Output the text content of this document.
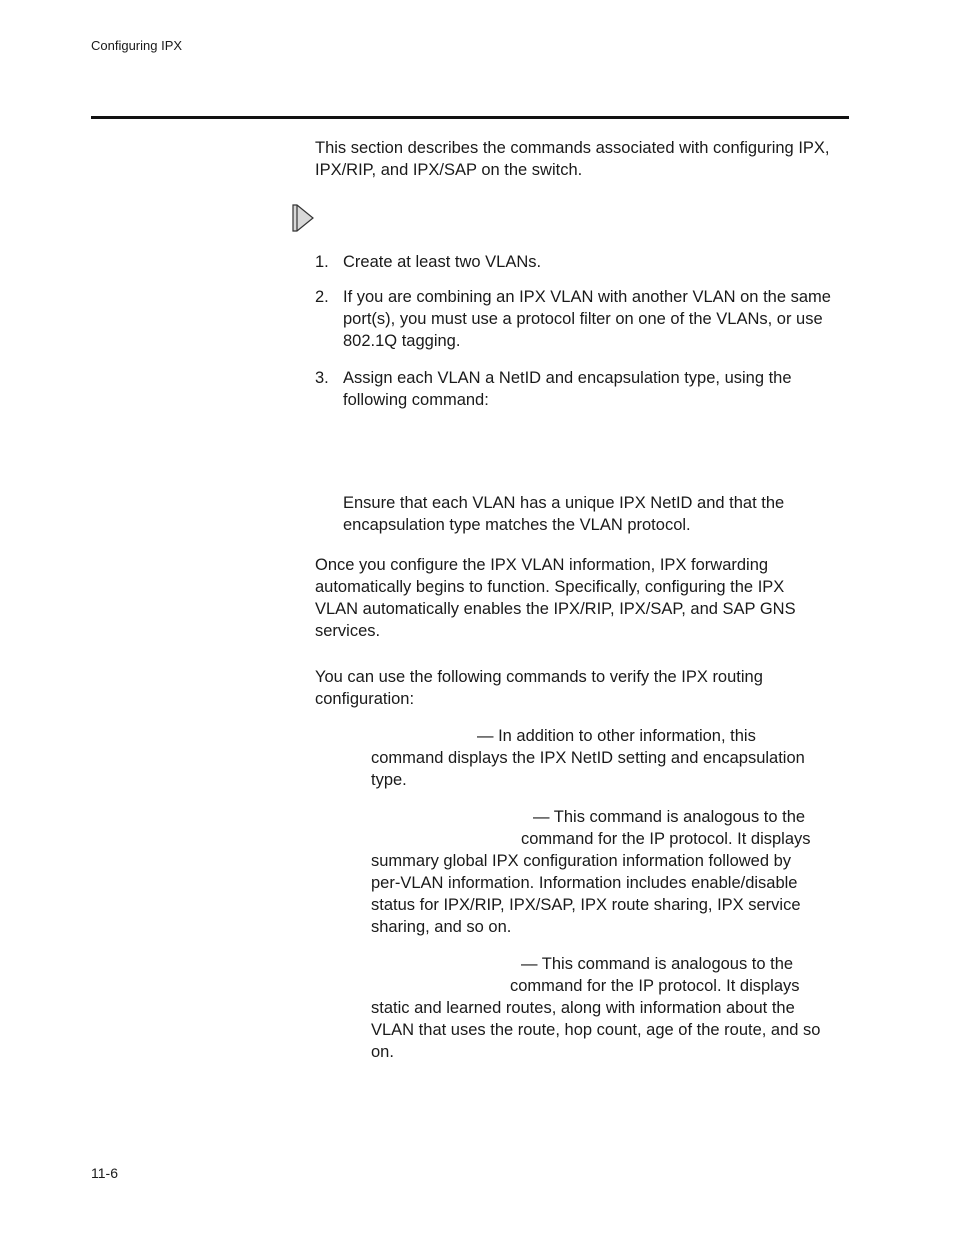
Configuring IPX
This section describes the commands associated with configuring IPX, IPX/RIP, and IPX/SAP on the switch.
1. Create at least two VLANs.
2. If you are combining an IPX VLAN with another VLAN on the same port(s), you must use a protocol filter on one of the VLANs, or use 802.1Q tagging.
3. Assign each VLAN a NetID and encapsulation type, using the following command:
Ensure that each VLAN has a unique IPX NetID and that the encapsulation type matches the VLAN protocol.
Once you configure the IPX VLAN information, IPX forwarding automatically begins to function. Specifically, configuring the IPX VLAN automatically enables the IPX/RIP, IPX/SAP, and SAP GNS services.
You can use the following commands to verify the IPX routing configuration:
— In addition to other information, this
command displays the IPX NetID setting and encapsulation
type.
— This command is analogous to the
command for the IP protocol. It displays
summary global IPX configuration information followed by
per-VLAN information. Information includes enable/disable
status for IPX/RIP, IPX/SAP, IPX route sharing, IPX service
sharing, and so on.
— This command is analogous to the
command for the IP protocol. It displays
static and learned routes, along with information about the
VLAN that uses the route, hop count, age of the route, and so
on.
11-6
